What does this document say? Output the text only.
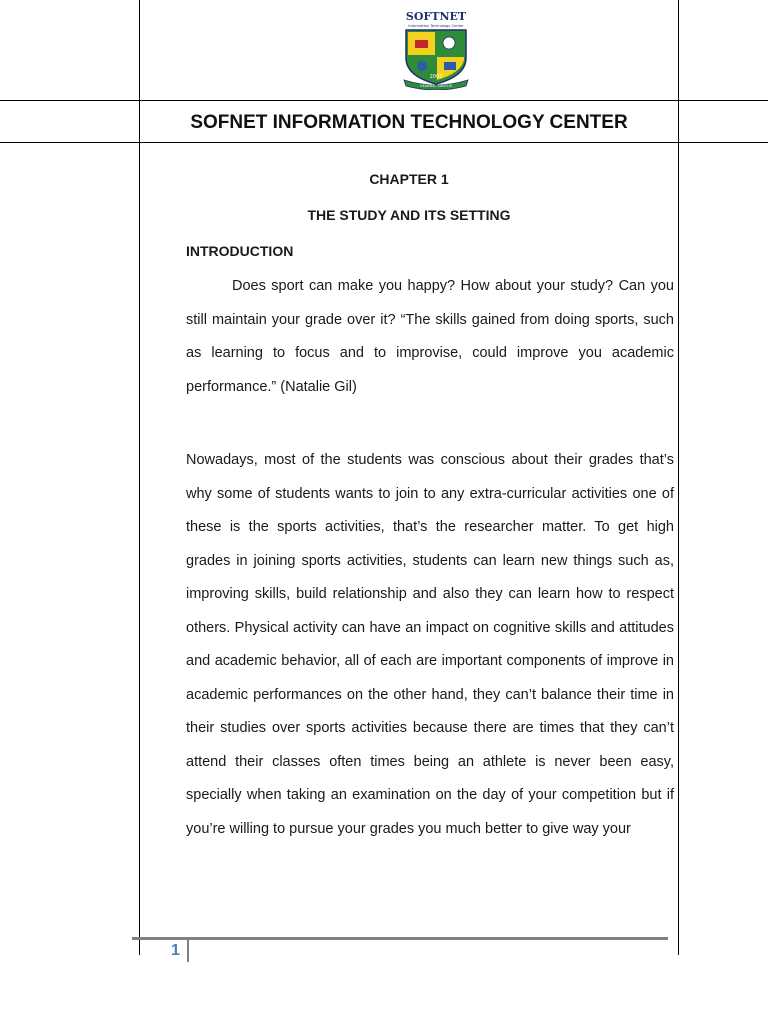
SOFTNET
Information Technology Center
2007
GENERAL SANTOS
SOFNET INFORMATION TECHNOLOGY CENTER
CHAPTER 1
THE STUDY AND ITS SETTING
INTRODUCTION

Does sport can make you happy? How about your study? Can you still maintain your grade over it? “The skills gained from doing sports, such as learning to focus and to improvise, could improve you academic performance.” (Natalie Gil)

Nowadays, most of the students was conscious about their grades that’s why some of students wants to join to any extra-curricular activities one of these is the sports activities, that’s the researcher matter. To get high grades in joining sports activities, students can learn new things such as, improving skills, build relationship and also they can learn how to respect others. Physical activity can have an impact on cognitive skills and attitudes and academic behavior, all of each are important components of improve in academic performances on the other hand, they can’t balance their time in their studies over sports activities because there are times that they can’t attend their classes often times being an athlete is never been easy, specially when taking an examination on the day of your competition but if you’re willing to pursue your grades you much better to give way your

1
